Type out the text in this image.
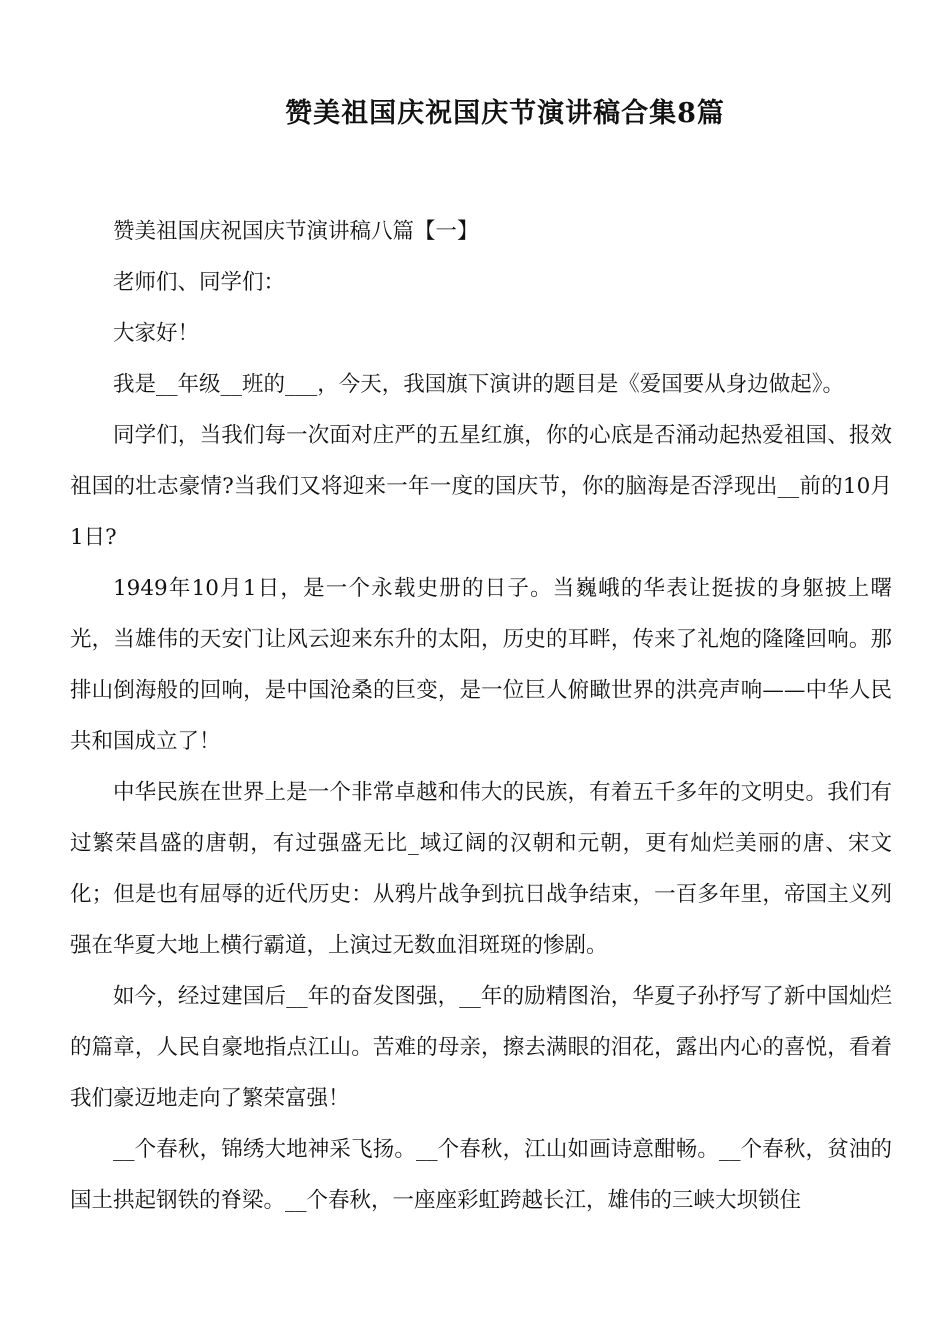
赞美祖国庆祝国庆节演讲稿合集8篇

赞美祖国庆祝国庆节演讲稿八篇【一】

老师们、同学们：

大家好！

我是__年级__班的___，今天，我国旗下演讲的题目是《爱国要从身边做起》。

同学们，当我们每一次面对庄严的五星红旗，你的心底是否涌动起热爱祖国、报效祖国的壮志豪情?当我们又将迎来一年一度的国庆节，你的脑海是否浮现出__前的10月1日?

1949年10月1日，是一个永载史册的日子。当巍峨的华表让挺拔的身躯披上曙光，当雄伟的天安门让风云迎来东升的太阳，历史的耳畔，传来了礼炮的隆隆回响。那排山倒海般的回响，是中国沧桑的巨变，是一位巨人俯瞰世界的洪亮声响——中华人民共和国成立了！

中华民族在世界上是一个非常卓越和伟大的民族，有着五千多年的文明史。我们有过繁荣昌盛的唐朝，有过强盛无比_域辽阔的汉朝和元朝，更有灿烂美丽的唐、宋文化；但是也有屈辱的近代历史：从鸦片战争到抗日战争结束，一百多年里，帝国主义列强在华夏大地上横行霸道，上演过无数血泪斑斑的惨剧。

如今，经过建国后__年的奋发图强，__年的励精图治，华夏子孙抒写了新中国灿烂的篇章，人民自豪地指点江山。苦难的母亲，擦去满眼的泪花，露出内心的喜悦，看着我们豪迈地走向了繁荣富强！

__个春秋，锦绣大地神采飞扬。__个春秋，江山如画诗意酣畅。__个春秋，贫油的国土拱起钢铁的脊梁。__个春秋，一座座彩虹跨越长江，雄伟的三峡大坝锁住
